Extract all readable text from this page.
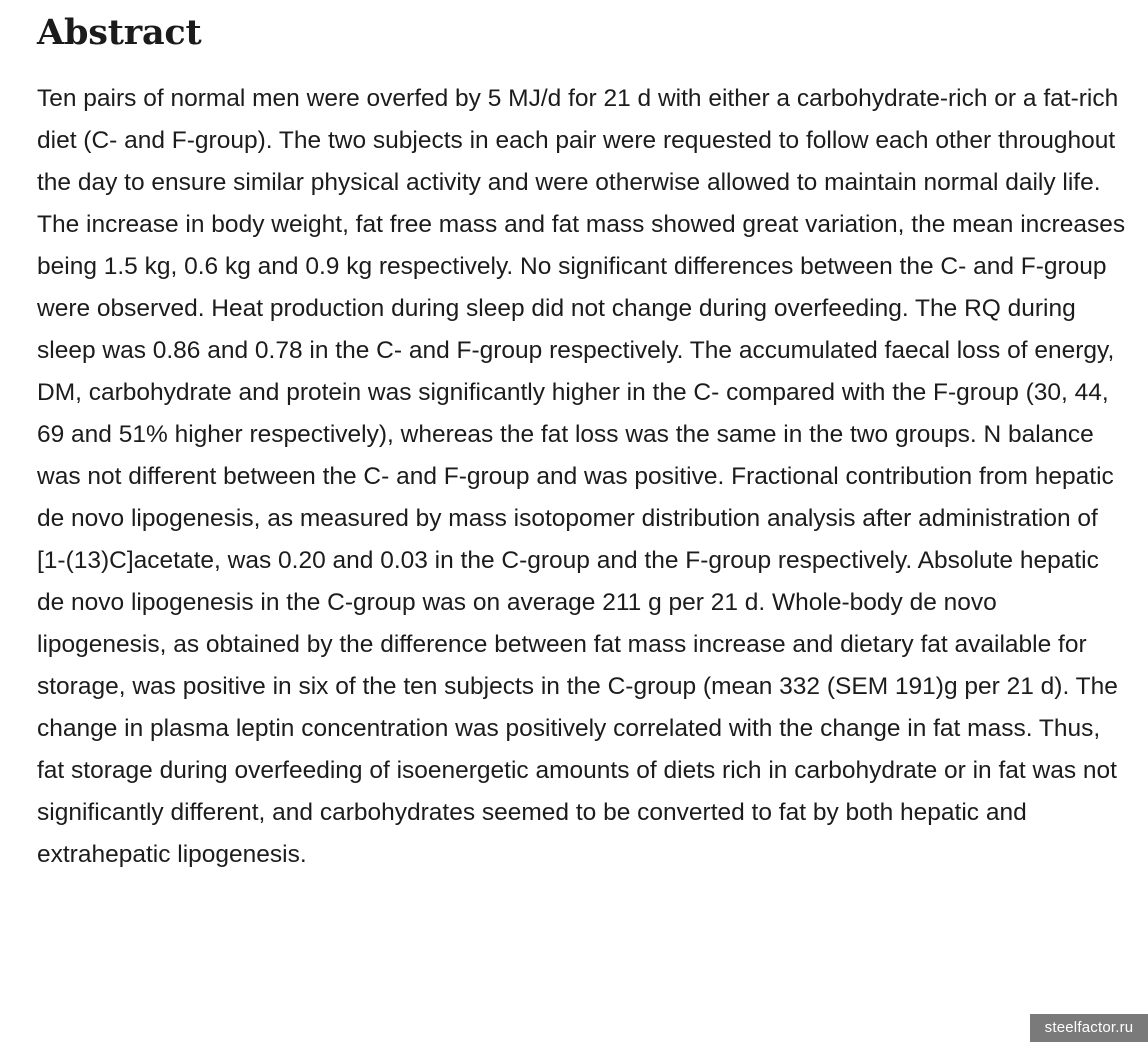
Abstract

Ten pairs of normal men were overfed by 5 MJ/d for 21 d with either a carbohydrate-rich or a fat-rich diet (C- and F-group). The two subjects in each pair were requested to follow each other throughout the day to ensure similar physical activity and were otherwise allowed to maintain normal daily life. The increase in body weight, fat free mass and fat mass showed great variation, the mean increases being 1.5 kg, 0.6 kg and 0.9 kg respectively. No significant differences between the C- and F-group were observed. Heat production during sleep did not change during overfeeding. The RQ during sleep was 0.86 and 0.78 in the C- and F-group respectively. The accumulated faecal loss of energy, DM, carbohydrate and protein was significantly higher in the C- compared with the F-group (30, 44, 69 and 51% higher respectively), whereas the fat loss was the same in the two groups. N balance was not different between the C- and F-group and was positive. Fractional contribution from hepatic de novo lipogenesis, as measured by mass isotopomer distribution analysis after administration of [1-(13)C]acetate, was 0.20 and 0.03 in the C-group and the F-group respectively. Absolute hepatic de novo lipogenesis in the C-group was on average 211 g per 21 d. Whole-body de novo lipogenesis, as obtained by the difference between fat mass increase and dietary fat available for storage, was positive in six of the ten subjects in the C-group (mean 332 (SEM 191)g per 21 d). The change in plasma leptin concentration was positively correlated with the change in fat mass. Thus, fat storage during overfeeding of isoenergetic amounts of diets rich in carbohydrate or in fat was not significantly different, and carbohydrates seemed to be converted to fat by both hepatic and extrahepatic lipogenesis.

steelfactor.ru
